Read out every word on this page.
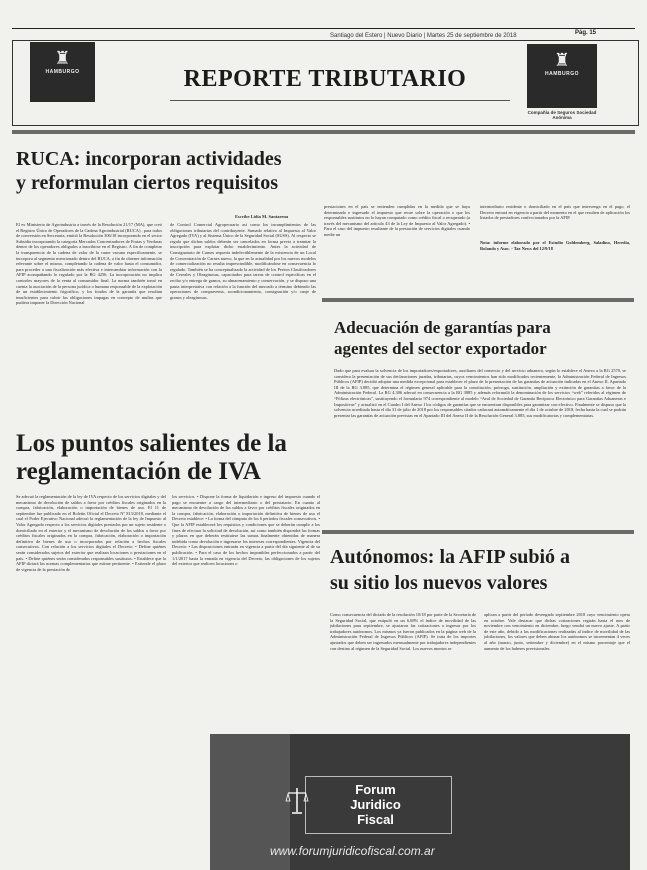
Santiago del Estero | Nuevo Diario | Martes 25 de septiembre de 2018	Pág. 15
♜
HAMBURGO	REPORTE TRIBUTARIO
♜
HAMBURGO
Compañía de Seguros Sociedad Anónima
RUCA: incorporan actividades
y reformulan ciertos requisitos
Escribe Lidia M. Santarena

El ex Ministerio de Agroindustria a través de la Resolución 21/17 (MA), que creó el Registro Único de Operadores de la Cadena Agroindustrial (RUCA) , para todos de conversión en Secretaría, emitió la Resolución 306/18 incorporando en el sector Subsidia incorporando la categoría Mercados Concentradores de Frutas y Verduras dentro de los operadores obligados a inscribirse en el Registro. A fin de completar la transparencia de la cadena de valor de la carne vacuna específicamente, se incorpora al segmento mencionado dentro del RUCA, a fin de obtener información relevante sobre el mismo, completando la cadena de valor hasta el consumidor, para proceder a una fiscalización más efectiva e intercambiar información con la AFIP acompañando lo regulado por la RG 4256. La incorporación no implica controles mayores de la venta al consumidor final. La norma también tomó en cuenta la asociación de la persona jurídica o humana responsable de la explotación de un establecimiento frigorífico, y los fondos de la garantía que resultan insuficientes para cubrir las obligaciones impagas en concepto de multas que pudiera imponer la Dirección Nacional

de Control Comercial Agropecuario así como los incumplimientos de las obligaciones tributarias del contribuyente. Sumado relativo al Impuesto al Valor Agregado (IVA) y al Sistema Único de la Seguridad Social (SUSS). Al respecto se regula que dichas saldos deberán ser cancelados en forma previa a tramitar la inscripción para explotar dicho establecimiento. Antes la actividad de Consignatario de Carnes requería indefectiblemente de la existencia de un Local de Concentración de Carnes nuevo, la que en la actualidad por los nuevos modelos de comercialización no resulta imprescindible, modificándose en consecuencia lo regulado. También se ha conceptualizado la actividad de los Peritos Clasificadores de Cereales y Oleaginosas, capacitados para tareas de control específicas en el recibo y/o entrega de granos, su almacenamiento y conservación, y se dispuso una pauta interpretativa con relación a la función del mercado a término debiendo las operaciones de compraventa, acondicionamiento, consignación y/o canje de granos y oleaginosas.

prestaciones en el país se entienden cumplidas en la medida que se haya determinado e ingresado el impuesto que recae sobre la operación o que los responsables sustitutos no lo hayan computado como crédito fiscal o recuperado (a través del mecanismo del artículo 43 de la Ley de Impuesto al Valor Agregado). • Para el caso del impuesto resultante de la prestación de servicios digitales cuando medie un

intermediario residente o domiciliado en el país que intervenga en el pago, el Decreto entrará en vigencia a partir del momento en el que resulten de aplicación los listados de prestadores confeccionados por la AFIP.

Nota: informe elaborado por el Estudio Goldemberg, Saladino, Heredia, Rolando y Asoc. - Tax News del 12/9/18

Adecuación de garantías para
agentes del sector exportador

Dado que para evaluar la solvencia de los importadores/exportadores, auxiliares del comercio y del servicio aduanero, según lo establece el Anexo a la RG 2570, se considera la presentación de sus declaraciones juradas, tributarias, cuyos vencimientos han sido modificados recientemente, la Administración Federal de Ingresos Públicos (AFIP) decidió adoptar una medida excepcional para establecer el plazo de la presentación de las garantías de actuación indicadas en el Anexo II, Apartado III de la RG 3.885, que determina el régimen general aplicable para la constitución, prórroga, sustitución, ampliación y extinción de garantías a favor de la Administración Federal. La RG 4.306 adecuó en consecuencia a la RG 3885 y además reformuló la denominación de los servicios “web” referidos al régimen de “Pólizas electrónicas”, sustituyendo el formulario 974 correspondiente al modelo “Aval de Sociedad de Garantía Recíproca Electrónico para Garantías Aduaneras e Impositivas” y actualizó en el Cuadro I del Anexo I los códigos de garantías que se encuentran disponibles para garantizar con efectivo. Finalmente se dispuso que la solvencia acreditada hasta el día 31 de julio de 2018 por los responsables citados caducará automáticamente el día 1 de octubre de 2018, fecha hasta la cual se podrán presentar las garantías de actuación previstas en el Apartado III del Anexo II de la Resolución General 3.885, sus modificatorias y complementarias.

Los puntos salientes de la
reglamentación de IVA

Se adecuó la reglamentación de la ley de IVA respecto de los servicios digitales y del mecanismo de devolución de saldos a favor por créditos fiscales originados en la compra, fabricación, elaboración o importación de bienes de uso. El 11 de septiembre fue publicado en el Boletín Oficial el Decreto Nº 813/2018, mediante el cual el Poder Ejecutivo Nacional adecuó la reglamentación de la ley de Impuesto al Valor Agregado respecto a los servicios digitales prestados por un sujeto residente o domiciliado en el exterior y el mecanismo de devolución de los saldos a favor por créditos fiscales originados en la compra, fabricación, elaboración o importación definitiva de bienes de uso o incorporados por relación a hechos fiscales consecutivos. Con relación a los servicios digitales el Decreto: • Define quiénes serán considerados sujetos del exterior que realizan locaciones o prestaciones en el país. • Define quiénes serán considerados responsables sustitutos. • Establece que la AFIP dictará las normas complementarias que estime pertinente. • Extiende el plazo de vigencia de la prestación de

los servicios. • Dispone la forma de liquidación e ingreso del impuesto cuando el pago se encuentre a cargo del intermediario o del prestatario. En cuanto al mecanismo de devolución de los saldos a favor por créditos fiscales originados en la compra, fabricación, elaboración o importación definitiva de bienes de uso el Decreto establece: • La forma del cómputo de los 6 períodos fiscales consecutivos. • Que la AFIP establecerá los requisitos y condiciones que se deberán cumplir a los fines de efectuar la solicitud de devolución, así como también dispondrá las formas y plazos en que deberán restituirse las sumas finalmente obtenidas de manera indebida como devolución e ingresarse los intereses correspondientes. Vigencia del Decreto: • Las disposiciones entrarán en vigencia a partir del día siguiente al de su publicación. • Para el caso de los hechos imponibles perfeccionados a partir del 1/1/2017 hasta la entrada en vigencia del Decreto, las obligaciones de los sujetos del exterior que realicen locaciones o	Autónomos: la AFIP subió a
su sitio los nuevos valores

Como consecuencia del dictado de la resolución 10/18 por parte de la Secretaría de la Seguridad Social, que estipuló en un 6,68% el índice de movilidad de las jubilaciones para septiembre, se ajustaron las cotizaciones a ingresar por los trabajadores autónomos. Los mismos ya fueron publicados en la página web de la Administración Federal de Ingresos Públicos (AFIP). Se trata de los importes ajustados que deben ser ingresados mensualmente por trabajadores independientes con destino al régimen de la Seguridad Social. Los nuevos montos se

aplican a partir del período devengado septiembre 2018 cuyo vencimiento opera en octubre. Vale destacar que dichas cotizaciones regirán hasta el mes de noviembre con vencimiento en diciembre, luego vendrá un nuevo ajuste. A partir de este año, debido a las modificaciones realizadas al índice de movilidad de las jubilaciones, los valores que deben abonar los autónomos se incrementan 4 veces al año (marzo, junio, setiembre y diciembre) en el mismo porcentaje que el aumento de los haberes previsionales.

Forum
Juridico
Fiscal
www.forumjuridicofiscal.com.ar
